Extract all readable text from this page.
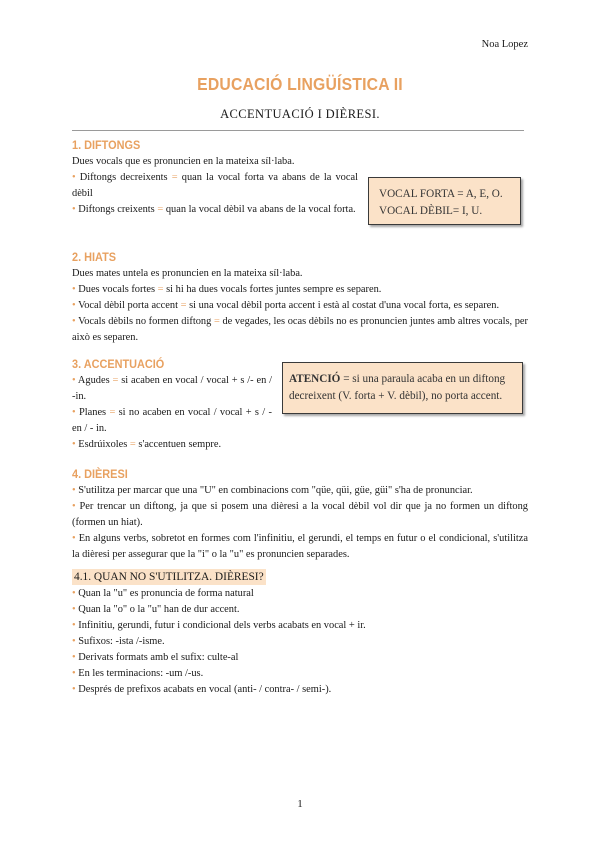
Noa Lopez
EDUCACIÓ LINGÜÍSTICA II
ACCENTUACIÓ I DIÈRESI.
1. DIFTONGS

Dues vocals que es pronuncien en la mateixa síl·laba.

• Diftongs decreixents = quan la vocal forta va abans de la vocal dèbil

• Diftongs creixents = quan la vocal dèbil va abans de la vocal forta.

VOCAL FORTA = A, E, O.
VOCAL DÈBIL= I, U.
2. HIATS

Dues mates untela es pronuncien en la mateixa síl·laba.

• Dues vocals fortes = si hi ha dues vocals fortes juntes sempre es separen.

• Vocal dèbil porta accent = si una vocal dèbil porta accent i està al costat d'una vocal forta, es separen.

• Vocals dèbils no formen diftong = de vegades, les ocas dèbils no es pronuncien juntes amb altres vocals, per això es separen.

3. ACCENTUACIÓ

• Agudes = si acaben en vocal / vocal + s /- en / -in.

• Planes = si no acaben en vocal / vocal + s / - en / - in.

• Esdrúixoles = s'accentuen sempre.

ATENCIÓ = si una paraula acaba en un diftong decreixent (V. forta + V. dèbil), no porta accent.
4. DIÈRESI

• S'utilitza per marcar que una "U" en combinacions com "qüe, qüi, güe, güi" s'ha de pronunciar.

• Per trencar un diftong, ja que si posem una dièresi a la vocal dèbil vol dir que ja no formen un diftong (formen un hiat).

• En alguns verbs, sobretot en formes com l'infinitiu, el gerundi, el temps en futur o el condicional, s'utilitza la dièresi per assegurar que la "i" o la "u" es pronuncien separades.

4.1. QUAN NO S'UTILITZA. DIÈRESI?

• Quan la "u" es pronuncia de forma natural

• Quan la "o" o la "u" han de dur accent.

• Infinitiu, gerundi, futur i condicional dels verbs acabats en vocal + ir.

• Sufixos: -ista /-isme.

• Derivats formats amb el sufix: culte-al

• En les terminacions: -um /-us.

• Després de prefixos acabats en vocal (anti- / contra- / semi-).

1
